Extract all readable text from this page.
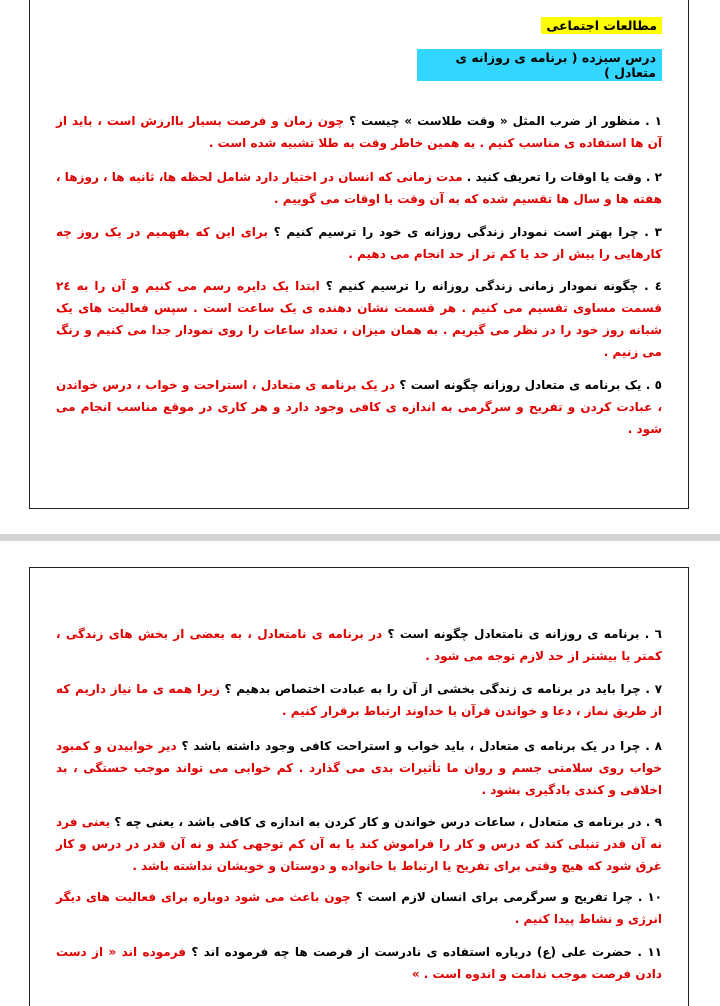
مطالعات اجتماعی
درس سیزده ( برنامه ی روزانه ی متعادل )
۱ . منظور از ضرب المثل « وقت طلاست » چیست ؟ چون زمان و فرصت بسیار باارزش است ، باید از آن ها استفاده ی مناسب کنیم . به همین خاطر وقت به طلا تشبیه شده است .
۲ . وقت یا اوقات را تعریف کنید . مدت زمانی که انسان در اختیار دارد شامل لحظه ها، ثانیه ها ، روزها ، هفته ها و سال ها تقسیم شده که به آن وقت یا اوقات می گوییم .
۳ . چرا بهتر است نمودار زندگی روزانه ی خود را ترسیم کنیم ؟ برای این که بفهمیم در یک روز چه کارهایی را بیش از حد یا کم تر از حد انجام می دهیم .
٤ . چگونه نمودار زمانی زندگی روزانه را ترسیم کنیم ؟ ابتدا یک دایره رسم می کنیم و آن را به ۲٤ قسمت مساوی تقسیم می کنیم . هر قسمت نشان دهنده ی یک ساعت است . سپس فعالیت های یک شبانه روز خود را در نظر می گیریم . به همان میزان ، تعداد ساعات را روی نمودار جدا می کنیم و رنگ می زنیم .
٥ . یک برنامه ی متعادل روزانه چگونه است ؟ در یک برنامه ی متعادل ، استراحت و خواب ، درس خواندن ، عبادت کردن و تفریح و سرگرمی به اندازه ی کافی وجود دارد و هر کاری در موقع مناسب انجام می شود .
٦ . برنامه ی روزانه ی نامتعادل چگونه است ؟ در برنامه ی نامتعادل ، به بعضی از بخش های زندگی ، کمتر یا بیشتر از حد لازم توجه می شود .
۷ . چرا باید در برنامه ی زندگی بخشی از آن را به عبادت اختصاص بدهیم ؟ زیرا همه ی ما نیاز داریم که از طریق نماز ، دعا و خواندن قرآن با خداوند ارتباط برقرار کنیم .
۸ . چرا در یک برنامه ی متعادل ، باید خواب و استراحت کافی وجود داشته باشد ؟ دیر خوابیدن و کمبود خواب روی سلامتی جسم و روان ما تأثیرات بدی می گذارد . کم خوابی می تواند موجب خستگی ، بد اخلاقی و کندی یادگیری بشود .
۹ . در برنامه ی متعادل ، ساعات درس خواندن و کار کردن به اندازه ی کافی باشد ، یعنی چه ؟ یعنی فرد نه آن قدر تنبلی کند که درس و کار را فراموش کند یا به آن کم توجهی کند و نه آن قدر در درس و کار غرق شود که هیچ وقتی برای تفریح یا ارتباط با خانواده و دوستان و خویشان نداشته باشد .
۱۰ . چرا تفریح و سرگرمی برای انسان لازم است ؟ چون باعث می شود دوباره برای فعالیت های دیگر انرژی و نشاط پیدا کنیم .
۱۱ . حضرت علی (ع) درباره استفاده ی نادرست از فرصت ها چه فرموده اند ؟ فرموده اند « از دست دادن فرصت موجب ندامت و اندوه است . »
